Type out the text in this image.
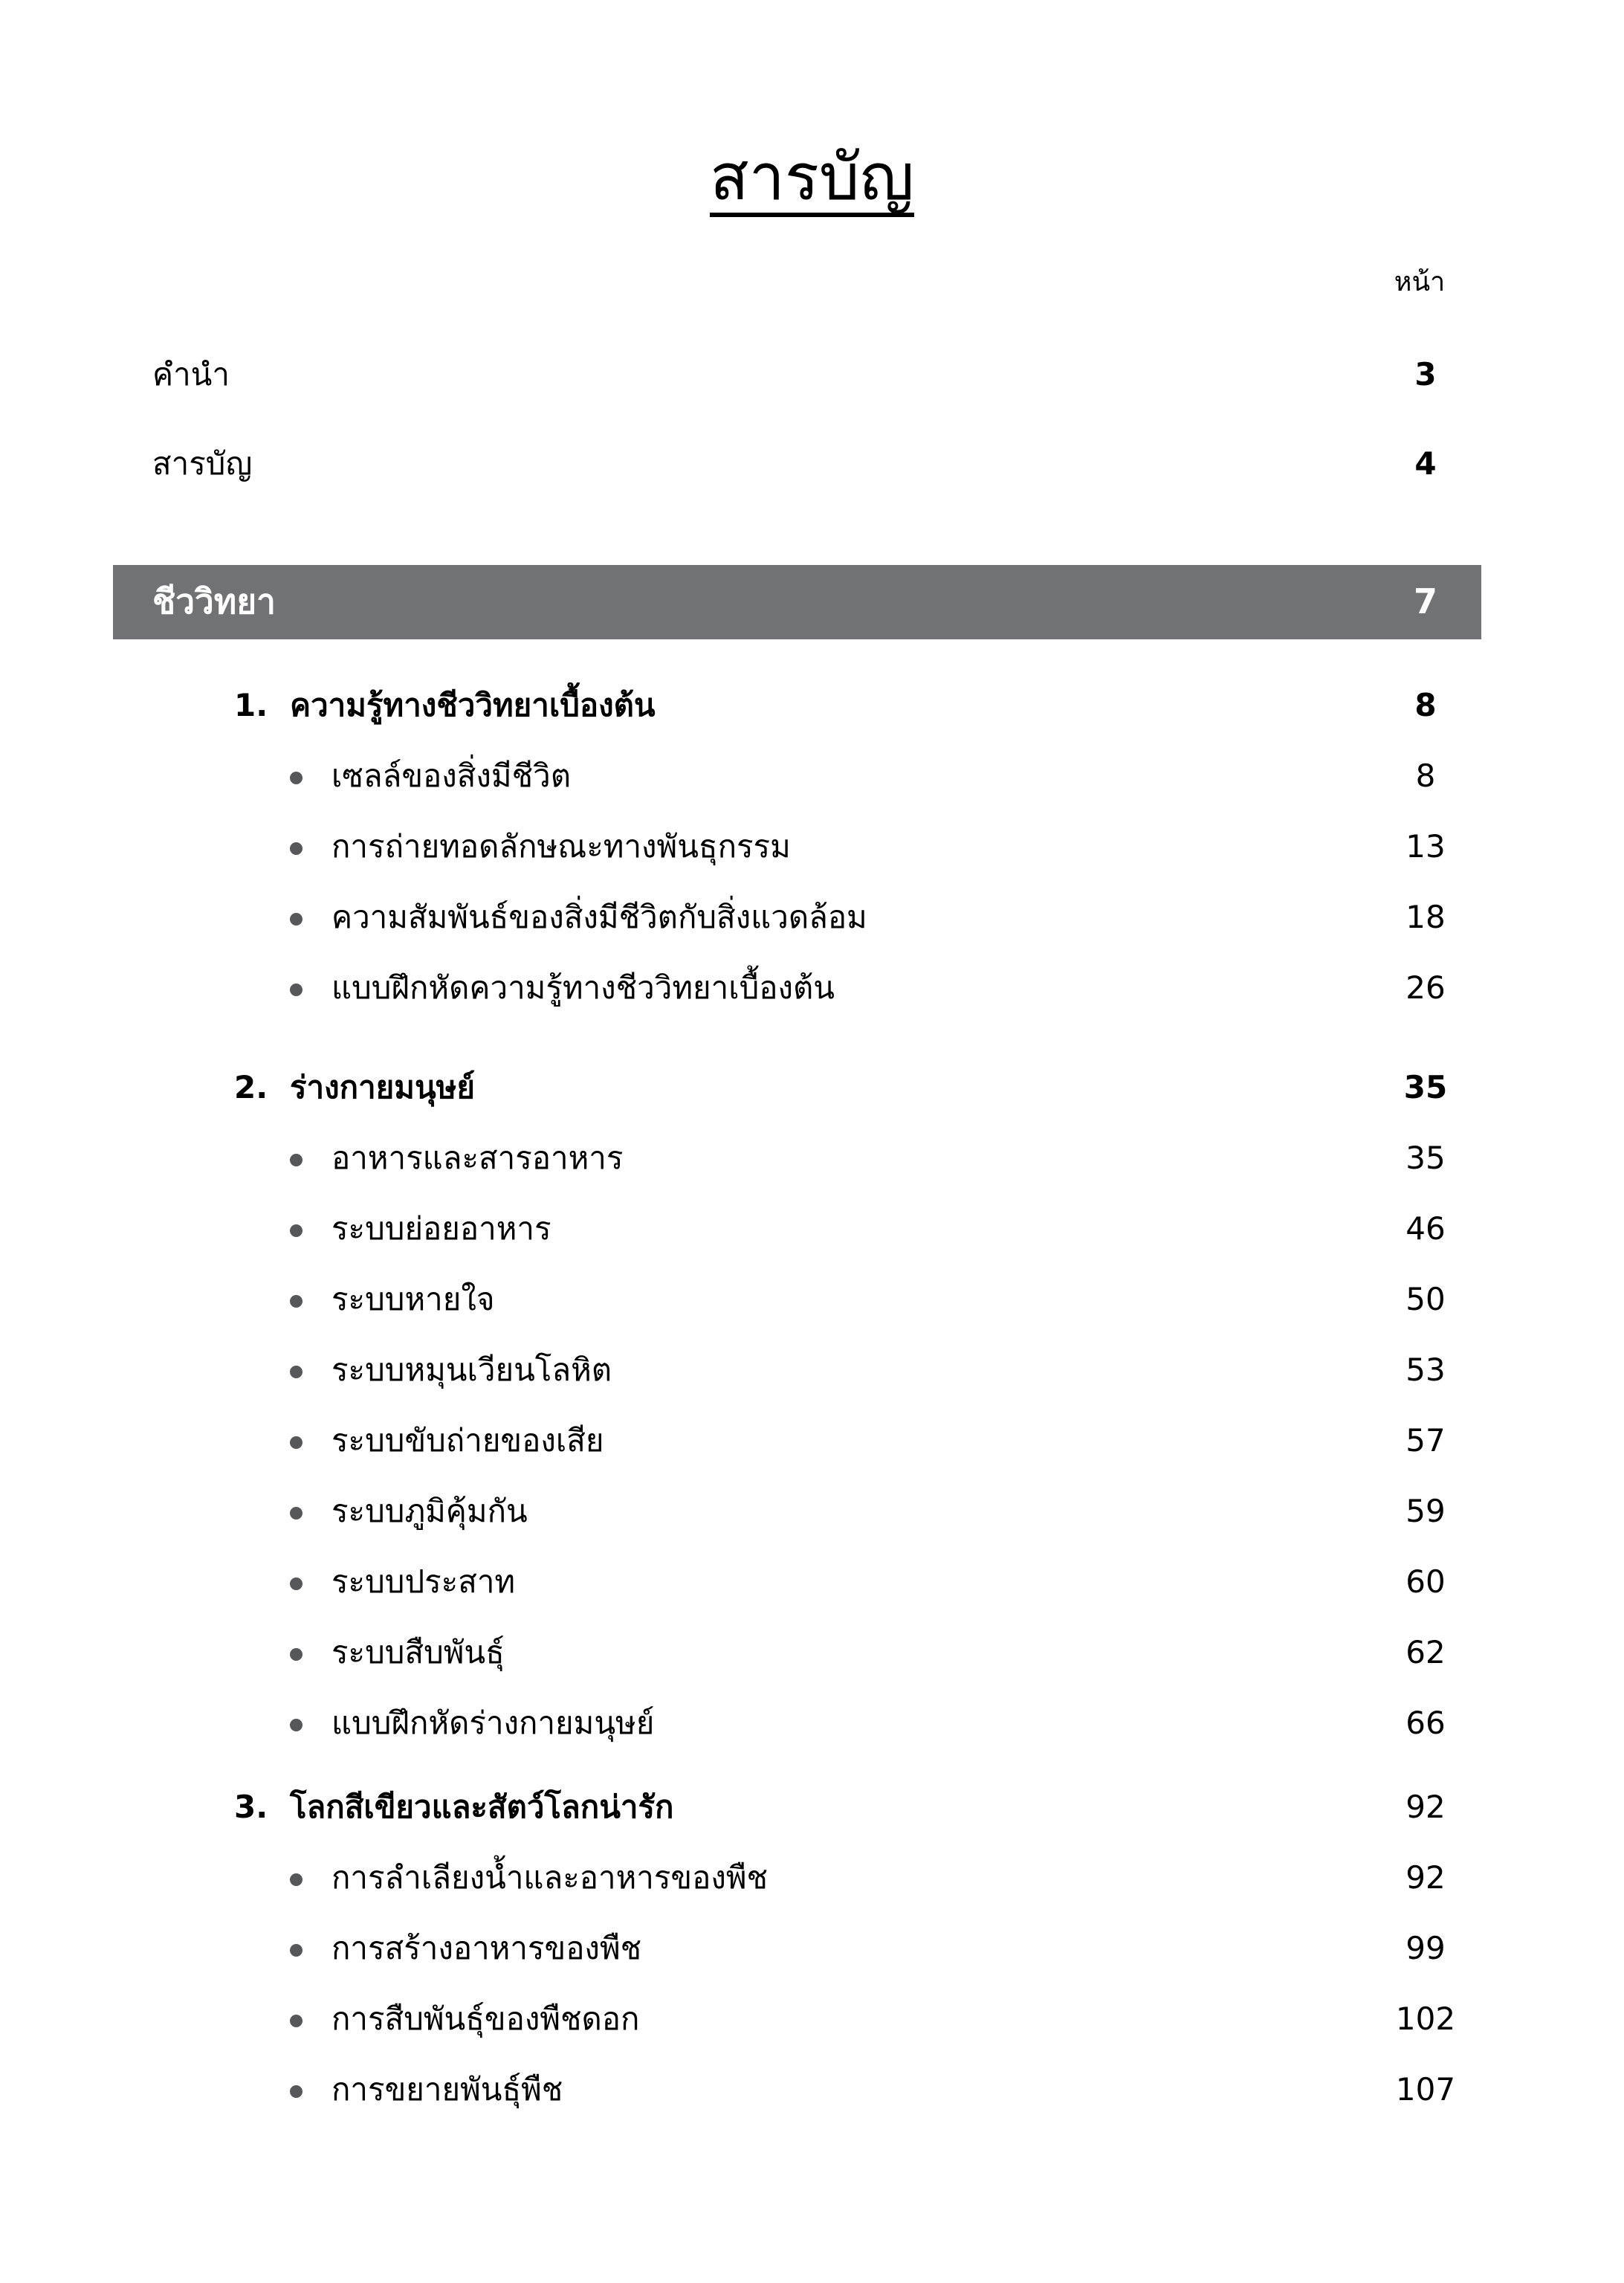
สารบัญ
หน้า
คำนำ	3
สารบัญ	4
ชีววิทยา	7
1. ความรู้ทางชีววิทยาเบื้องต้น	8
เซลล์ของสิ่งมีชีวิต	8
การถ่ายทอดลักษณะทางพันธุกรรม	13
ความสัมพันธ์ของสิ่งมีชีวิตกับสิ่งแวดล้อม	18
แบบฝึกหัดความรู้ทางชีววิทยาเบื้องต้น	26
2. ร่างกายมนุษย์	35
อาหารและสารอาหาร	35
ระบบย่อยอาหาร	46
ระบบหายใจ	50
ระบบหมุนเวียนโลหิต	53
ระบบขับถ่ายของเสีย	57
ระบบภูมิคุ้มกัน	59
ระบบประสาท	60
ระบบสืบพันธุ์	62
แบบฝึกหัดร่างกายมนุษย์	66
3. โลกสีเขียวและสัตว์โลกน่ารัก	92
การลำเลียงน้ำและอาหารของพืช	92
การสร้างอาหารของพืช	99
การสืบพันธุ์ของพืชดอก	102
การขยายพันธุ์พืช	107
